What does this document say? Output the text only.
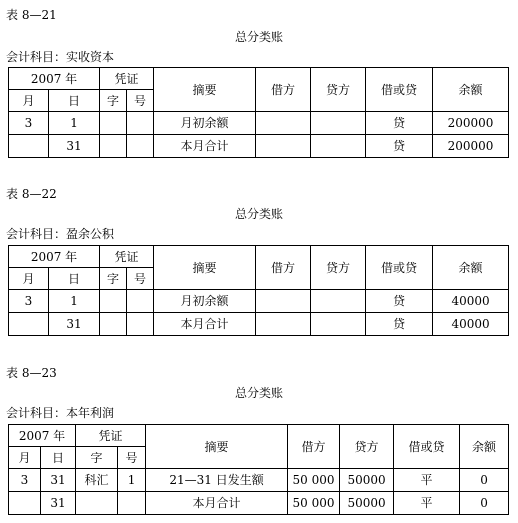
表 8—21
总分类账
会计科目：实收资本
2007 年		凭证		摘要	借方	贷方	借或贷	余额
月	日	字	号					
3	1			月初余额			贷	200000
	31			本月合计			贷	200000
表 8—22
总分类账
会计科目：盈余公积
2007 年		凭证		摘要	借方	贷方	借或贷	余额
月	日	字	号					
3	1			月初余额			贷	40000
	31			本月合计			贷	40000
表 8—23
总分类账
会计科目：本年利润
2007 年		凭证		摘要	借方	贷方	借或贷	余额
月	日	字	号					
3	31	科汇	1	21—31 日发生额	50 000	50000	平	0
	31			本月合计	50 000	50000	平	0
